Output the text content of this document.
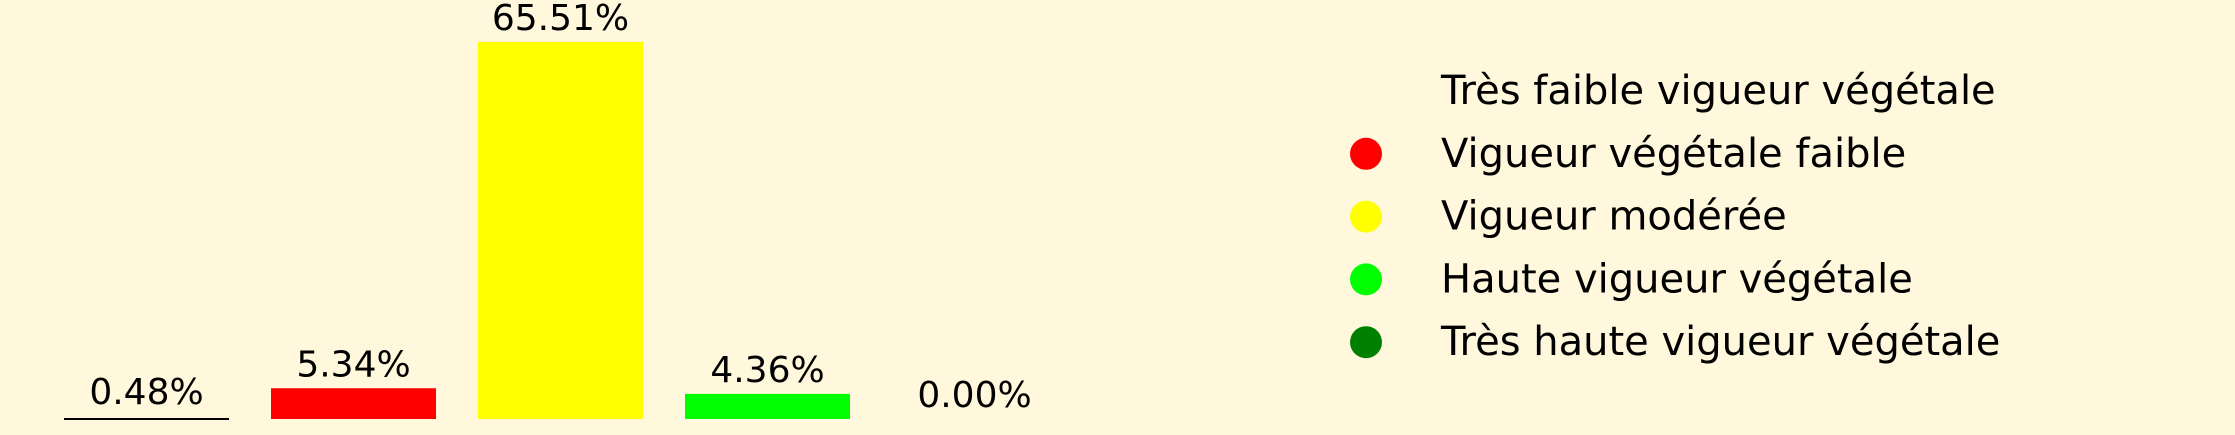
0.48%
5.34%
65.51%
4.36%
0.00%
Très faible vigueur végétale
Vigueur végétale faible
Vigueur modérée
Haute vigueur végétale
Très haute vigueur végétale
